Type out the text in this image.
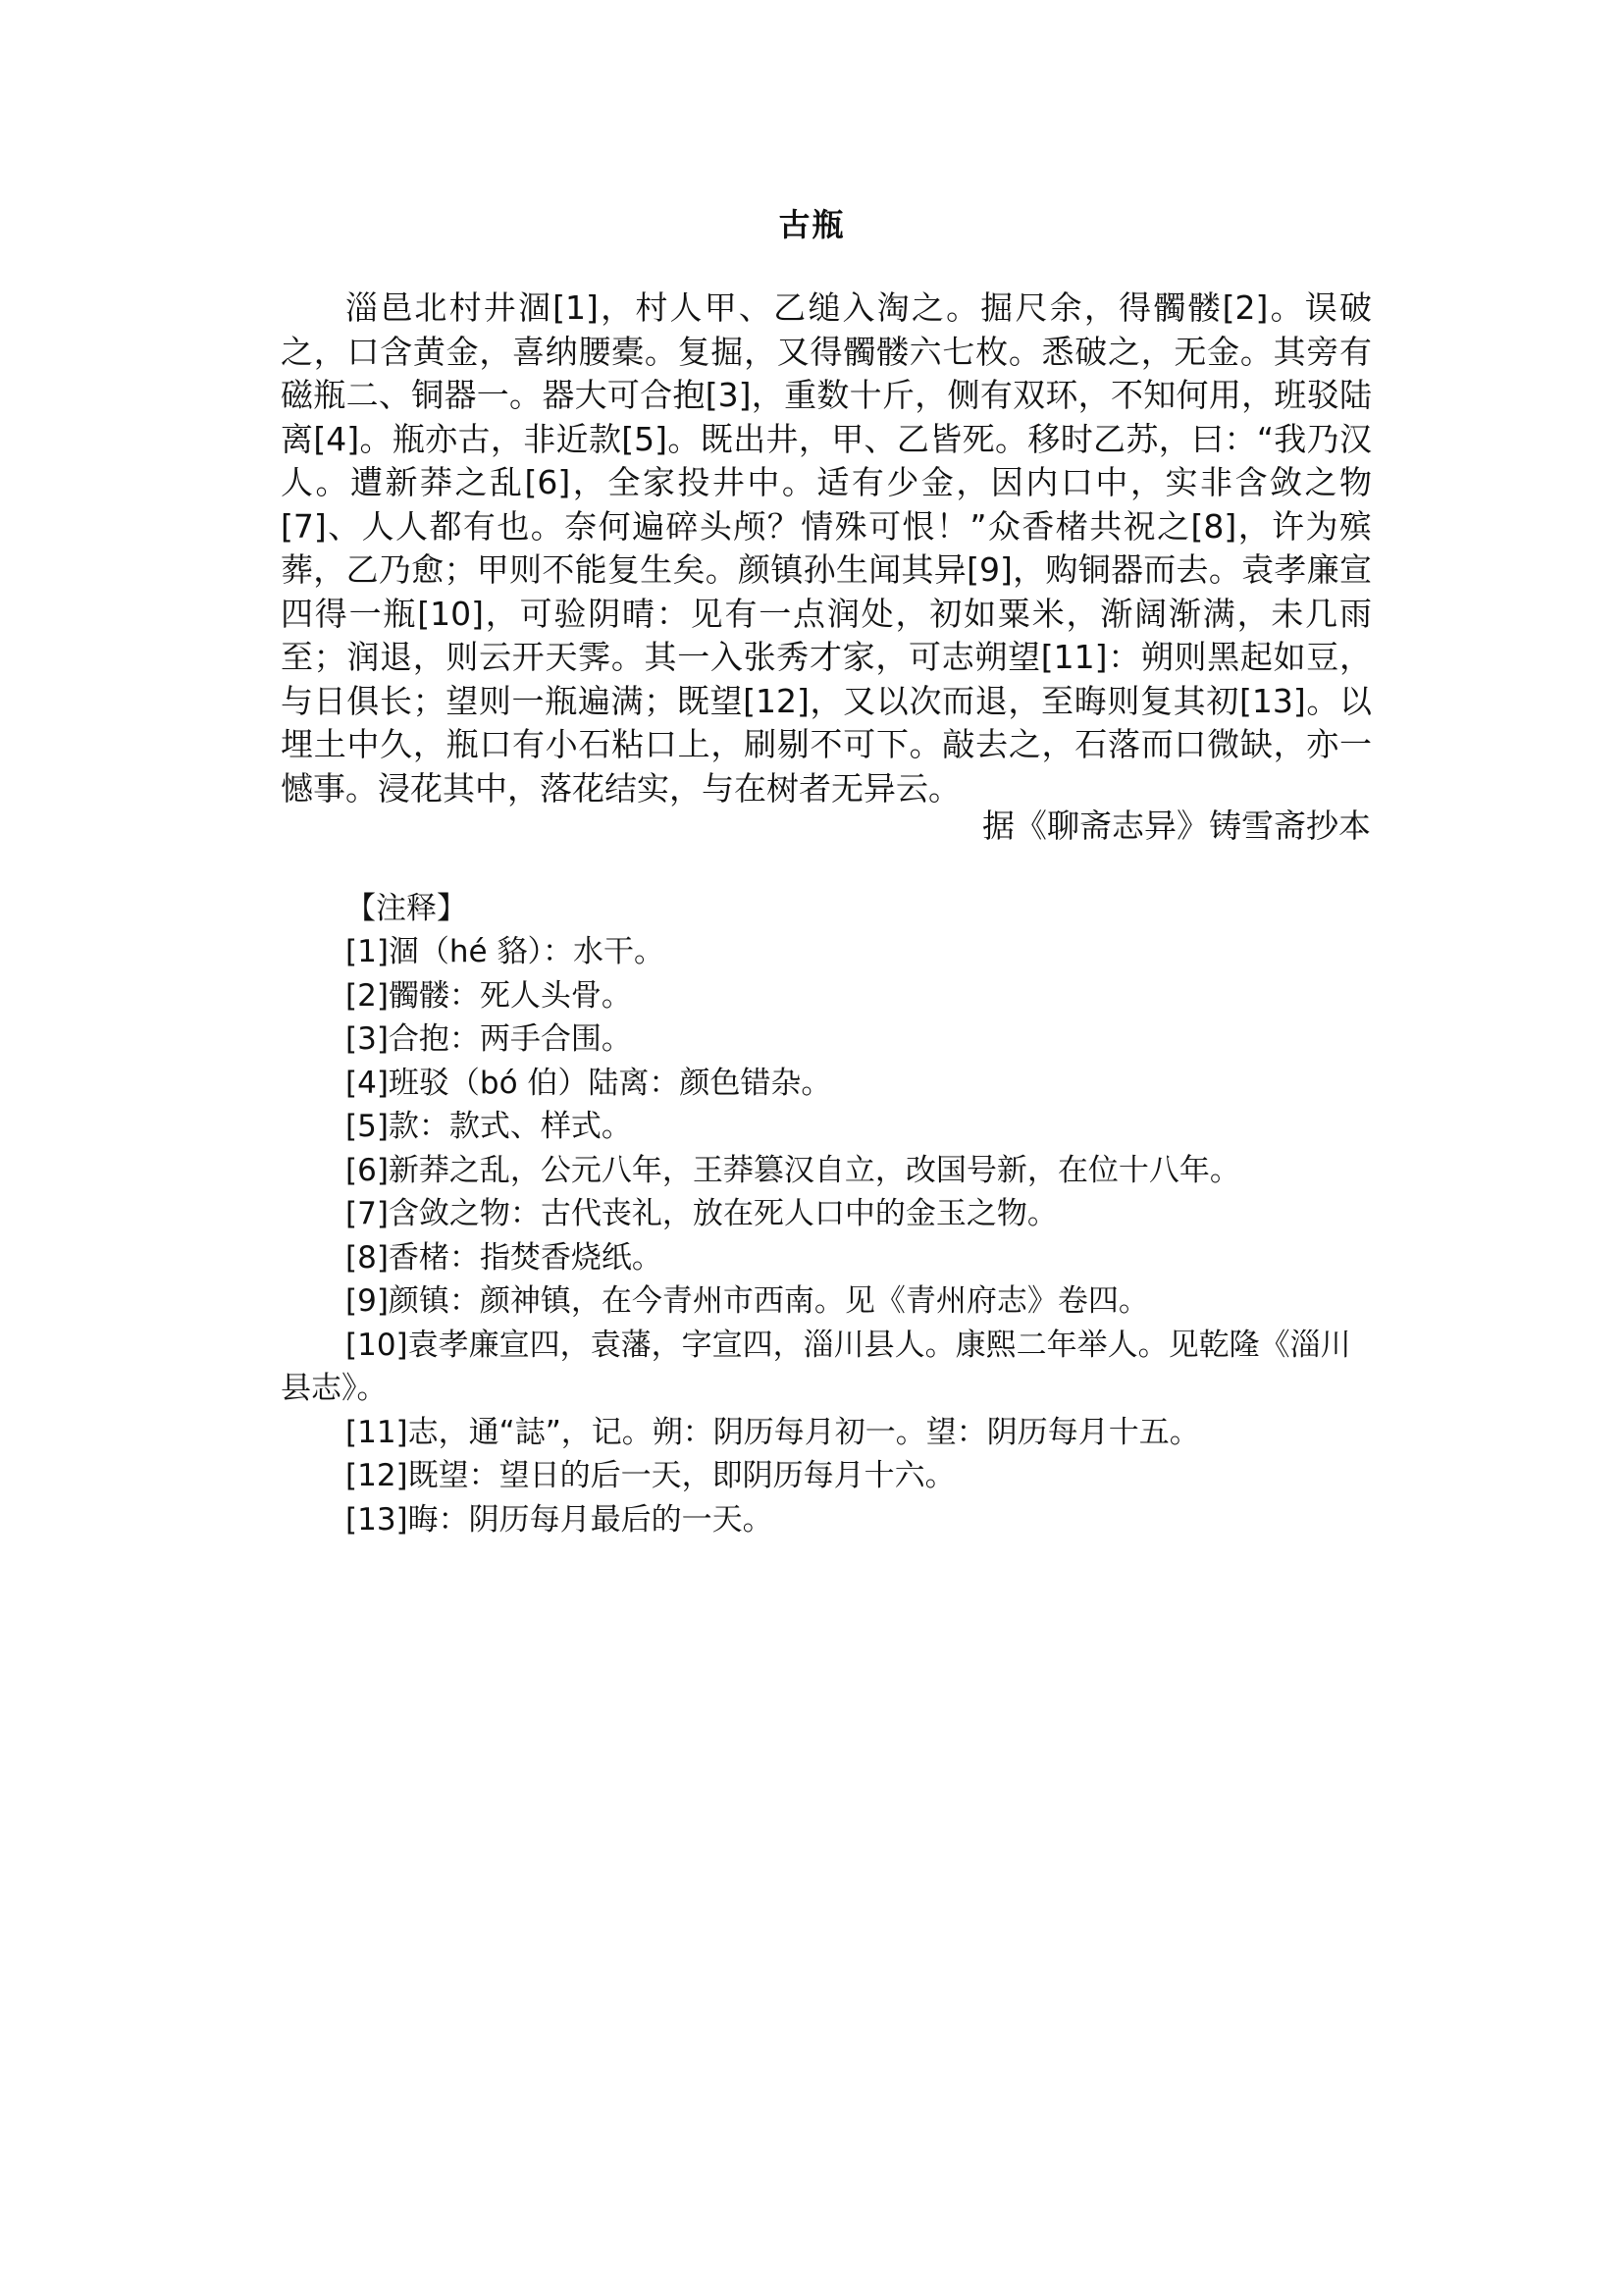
古瓶

淄邑北村井涸[1]，村人甲、乙缒入淘之。掘尺余，得髑髅[2]。误破之，口含黄金，喜纳腰橐。复掘，又得髑髅六七枚。悉破之，无金。其旁有磁瓶二、铜器一。器大可合抱[3]，重数十斤，侧有双环，不知何用，班驳陆离[4]。瓶亦古，非近款[5]。既出井，甲、乙皆死。移时乙苏，曰：“我乃汉人。遭新莽之乱[6]，全家投井中。适有少金，因内口中，实非含敛之物[7]、人人都有也。奈何遍碎头颅？情殊可恨！”众香楮共祝之[8]，许为殡葬，乙乃愈；甲则不能复生矣。颜镇孙生闻其异[9]，购铜器而去。袁孝廉宣四得一瓶[10]，可验阴晴：见有一点润处，初如粟米，渐阔渐满，未几雨至；润退，则云开天霁。其一入张秀才家，可志朔望[11]：朔则黑起如豆，与日俱长；望则一瓶遍满；既望[12]，又以次而退，至晦则复其初[13]。以埋土中久，瓶口有小石粘口上，刷剔不可下。敲去之，石落而口微缺，亦一憾事。浸花其中，落花结实，与在树者无异云。

据《聊斋志异》铸雪斋抄本

【注释】

[1]涸（hé 貉）：水干。

[2]髑髅：死人头骨。

[3]合抱：两手合围。

[4]班驳（bó 伯）陆离：颜色错杂。

[5]款：款式、样式。

[6]新莽之乱，公元八年，王莽篡汉自立，改国号新，在位十八年。

[7]含敛之物：古代丧礼，放在死人口中的金玉之物。

[8]香楮：指焚香烧纸。

[9]颜镇：颜神镇，在今青州市西南。见《青州府志》卷四。

[10]袁孝廉宣四，袁藩，字宣四，淄川县人。康熙二年举人。见乾隆《淄川县志》。

[11]志，通“誌”，记。朔：阴历每月初一。望：阴历每月十五。

[12]既望：望日的后一天，即阴历每月十六。

[13]晦：阴历每月最后的一天。
